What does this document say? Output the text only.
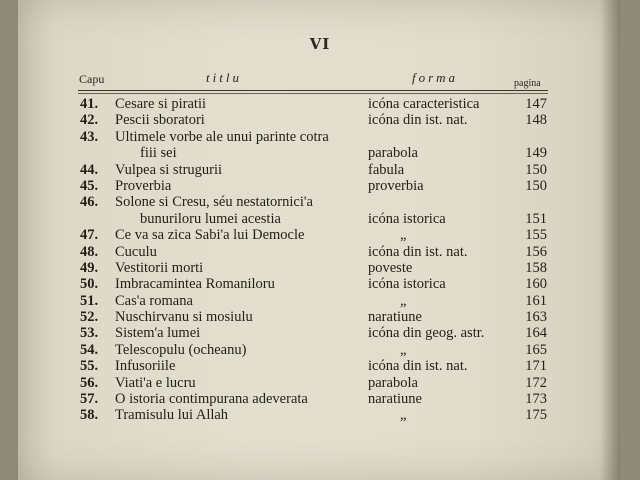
VI
Capu	titlu	forma	pagina
41. Cesare si piratii	icóna caracteristica	147
42. Pescii sboratori	icóna din ist. nat.	148
43. Ultimele vorbe ale unui parinte cotra
fiii sei	parabola	149
44. Vulpea si strugurii	fabula	150
45. Proverbia	proverbia	150
46. Solone si Cresu, séu nestatornici'a
bunuriloru lumei acestia	icóna istorica	151
47. Ce va sa zica Sabi'a lui Democle	„	155
48. Cuculu	icóna din ist. nat.	156
49. Vestitorii morti	poveste	158
50. Imbracamintea Romaniloru	icóna istorica	160
51. Cas'a romana	„	161
52. Nuschirvanu si mosiulu	naratiune	163
53. Sistem'a lumei	icóna din geog. astr.	164
54. Telescopulu (ocheanu)	„	165
55. Infusoriile	icóna din ist. nat.	171
56. Viati'a e lucru	parabola	172
57. O istoria contimpurana adeverata	naratiune	173
58. Tramisulu lui Allah	„	175
